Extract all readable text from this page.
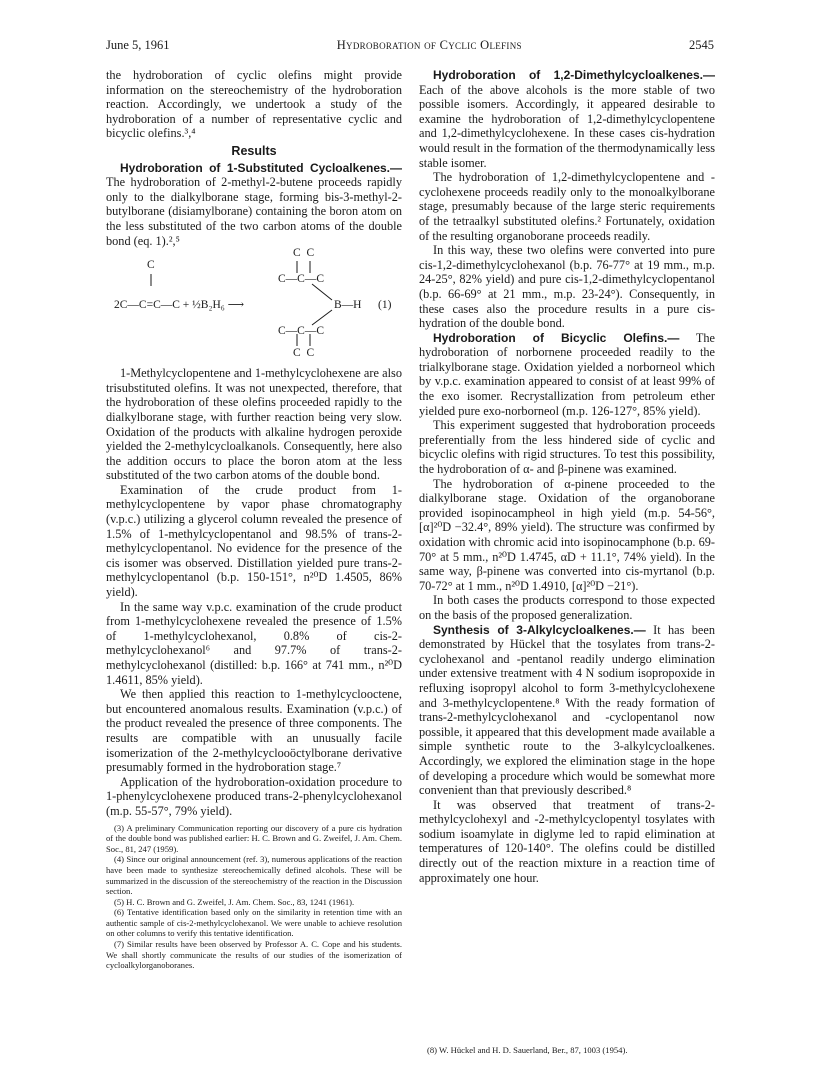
June 5, 1961	Hydroboration of Cyclic Olefins	2545

the hydroboration of cyclic olefins might provide information on the stereochemistry of the hydroboration reaction. Accordingly, we undertook a study of the hydroboration of a number of representative cyclic and bicyclic olefins.³,⁴

Results

Hydroboration of 1-Substituted Cycloalkenes.— The hydroboration of 2-methyl-2-butene proceeds rapidly only to the dialkylborane stage, forming bis-3-methyl-2-butylborane (disiamylborane) containing the boron atom on the less substituted of the two carbon atoms of the double bond (eq. 1).²,⁵

C
2C—C=C—C + ½B₂H₆ ⟶
C C
C—C—C
B—H (1)
C—C—C
C C

1-Methylcyclopentene and 1-methylcyclohexene are also trisubstituted olefins. It was not unexpected, therefore, that the hydroboration of these olefins proceeded rapidly to the dialkylborane stage, with further reaction being very slow. Oxidation of the products with alkaline hydrogen peroxide yielded the 2-methylcycloalkanols. Consequently, here also the addition occurs to place the boron atom at the less substituted of the two carbon atoms of the double bond.

Examination of the crude product from 1-methylcyclopentene by vapor phase chromatography (v.p.c.) utilizing a glycerol column revealed the presence of 1.5% of 1-methylcyclopentanol and 98.5% of trans-2-methylcyclopentanol. No evidence for the presence of the cis isomer was observed. Distillation yielded pure trans-2-methylcyclopentanol (b.p. 150-151°, n²⁰D 1.4505, 86% yield).

In the same way v.p.c. examination of the crude product from 1-methylcyclohexene revealed the presence of 1.5% of 1-methylcyclohexanol, 0.8% of cis-2-methylcyclohexanol⁶ and 97.7% of trans-2-methylcyclohexanol (distilled: b.p. 166° at 741 mm., n²⁰D 1.4611, 85% yield).

We then applied this reaction to 1-methylcyclooctene, but encountered anomalous results. Examination (v.p.c.) of the product revealed the presence of three components. The results are compatible with an unusually facile isomerization of the 2-methylcyclooöctylborane derivative presumably formed in the hydroboration stage.⁷

Application of the hydroboration-oxidation procedure to 1-phenylcyclohexene produced trans-2-phenylcyclohexanol (m.p. 55-57°, 79% yield).

(3) A preliminary Communication reporting our discovery of a pure cis hydration of the double bond was published earlier: H. C. Brown and G. Zweifel, J. Am. Chem. Soc., 81, 247 (1959).

(4) Since our original announcement (ref. 3), numerous applications of the reaction have been made to synthesize stereochemically defined alcohols. These will be summarized in the discussion of the stereochemistry of the reaction in the Discussion section.

(5) H. C. Brown and G. Zweifel, J. Am. Chem. Soc., 83, 1241 (1961).

(6) Tentative identification based only on the similarity in retention time with an authentic sample of cis-2-methylcyclohexanol. We were unable to achieve resolution on other columns to verify this tentative identification.

(7) Similar results have been observed by Professor A. C. Cope and his students. We shall shortly communicate the results of our studies of the isomerization of cycloalkylorganoboranes.

Hydroboration of 1,2-Dimethylcycloalkenes.— Each of the above alcohols is the more stable of two possible isomers. Accordingly, it appeared desirable to examine the hydroboration of 1,2-dimethylcyclopentene and 1,2-dimethylcyclohexene. In these cases cis-hydration would result in the formation of the thermodynamically less stable isomer.

The hydroboration of 1,2-dimethylcyclopentene and -cyclohexene proceeds readily only to the monoalkylborane stage, presumably because of the large steric requirements of the tetraalkyl substituted olefins.² Fortunately, oxidation of the resulting organoborane proceeds readily.

In this way, these two olefins were converted into pure cis-1,2-dimethylcyclohexanol (b.p. 76-77° at 19 mm., m.p. 24-25°, 82% yield) and pure cis-1,2-dimethylcyclopentanol (b.p. 66-69° at 21 mm., m.p. 23-24°). Consequently, in these cases also the procedure results in a pure cis-hydration of the double bond.

Hydroboration of Bicyclic Olefins.— The hydroboration of norbornene proceeded readily to the trialkylborane stage. Oxidation yielded a norborneol which by v.p.c. examination appeared to consist of at least 99% of the exo isomer. Recrystallization from petroleum ether yielded pure exo-norborneol (m.p. 126-127°, 85% yield).

This experiment suggested that hydroboration proceeds preferentially from the less hindered side of cyclic and bicyclic olefins with rigid structures. To test this possibility, the hydroboration of α- and β-pinene was examined.

The hydroboration of α-pinene proceeded to the dialkylborane stage. Oxidation of the organoborane provided isopinocampheol in high yield (m.p. 54-56°, [α]²⁰D −32.4°, 89% yield). The structure was confirmed by oxidation with chromic acid into isopinocamphone (b.p. 69-70° at 5 mm., n²⁰D 1.4745, αD + 11.1°, 74% yield). In the same way, β-pinene was converted into cis-myrtanol (b.p. 70-72° at 1 mm., n²⁰D 1.4910, [α]²⁰D −21°).

In both cases the products correspond to those expected on the basis of the proposed generalization.

Synthesis of 3-Alkylcycloalkenes.— It has been demonstrated by Hückel that the tosylates from trans-2-cyclohexanol and -pentanol readily undergo elimination under extensive treatment with 4 N sodium isopropoxide in refluxing isopropyl alcohol to form 3-methylcyclohexene and 3-methylcyclopentene.⁸ With the ready formation of trans-2-methylcyclohexanol and -cyclopentanol now possible, it appeared that this development made available a simple synthetic route to the 3-alkylcycloalkenes. Accordingly, we explored the elimination stage in the hope of developing a procedure which would be somewhat more convenient than that previously described.⁸

It was observed that treatment of trans-2-methylcyclohexyl and -2-methylcyclopentyl tosylates with sodium isoamylate in diglyme led to rapid elimination at temperatures of 120-140°. The olefins could be distilled directly out of the reaction mixture in a reaction time of approximately one hour.

(8) W. Hückel and H. D. Sauerland, Ber., 87, 1003 (1954).
